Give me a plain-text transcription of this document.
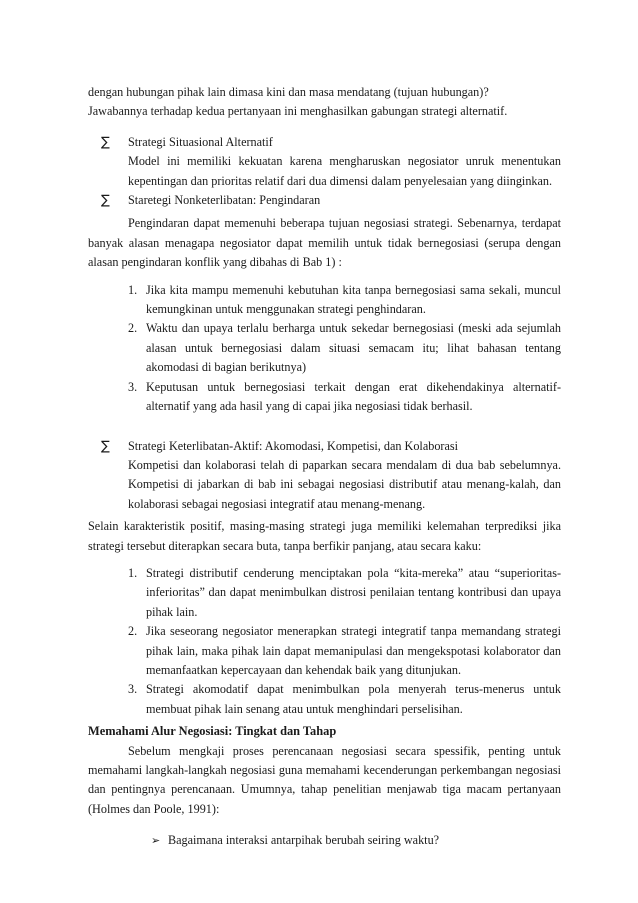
dengan hubungan pihak lain dimasa kini dan masa mendatang (tujuan hubungan)?
Jawabannya terhadap kedua pertanyaan ini menghasilkan gabungan strategi alternatif.

∑	Strategi Situasional Alternatif

Model ini memiliki kekuatan karena mengharuskan negosiator unruk menentukan kepentingan dan prioritas relatif dari dua dimensi dalam penyelesaian yang diinginkan.

∑	Staretegi Nonketerlibatan: Pengindaran

Pengindaran dapat memenuhi beberapa tujuan negosiasi strategi. Sebenarnya, terdapat banyak alasan menagapa negosiator dapat memilih untuk tidak bernegosiasi (serupa dengan alasan pengindaran konflik yang dibahas di Bab 1) :

1. Jika kita mampu memenuhi kebutuhan kita tanpa bernegosiasi sama sekali, muncul kemungkinan untuk menggunakan strategi penghindaran.
2. Waktu dan upaya terlalu berharga untuk sekedar bernegosiasi (meski ada sejumlah alasan untuk bernegosiasi dalam situasi semacam itu; lihat bahasan tentang akomodasi di bagian berikutnya)
3. Keputusan untuk bernegosiasi terkait dengan erat dikehendakinya alternatif-alternatif yang ada hasil yang di capai jika negosiasi tidak berhasil.
∑	Strategi Keterlibatan-Aktif: Akomodasi, Kompetisi, dan Kolaborasi

Kompetisi dan kolaborasi telah di paparkan secara mendalam di dua bab sebelumnya. Kompetisi di jabarkan di bab ini sebagai negosiasi distributif atau menang-kalah, dan kolaborasi sebagai negosiasi integratif atau menang-menang.

Selain karakteristik positif, masing-masing strategi juga memiliki kelemahan terprediksi jika strategi tersebut diterapkan secara buta, tanpa berfikir panjang, atau secara kaku:

1. Strategi distributif cenderung menciptakan pola “kita-mereka” atau “superioritas-inferioritas” dan dapat menimbulkan distrosi penilaian tentang kontribusi dan upaya pihak lain.
2. Jika seseorang negosiator menerapkan strategi integratif tanpa memandang strategi pihak lain, maka pihak lain dapat memanipulasi dan mengekspotasi kolaborator dan memanfaatkan kepercayaan dan kehendak baik yang ditunjukan.
3. Strategi akomodatif dapat menimbulkan pola menyerah terus-menerus untuk membuat pihak lain senang atau untuk menghindari perselisihan.
Memahami Alur Negosiasi: Tingkat dan Tahap

Sebelum mengkaji proses perencanaan negosiasi secara spessifik, penting untuk memahami langkah-langkah negosiasi guna memahami kecenderungan perkembangan negosiasi dan pentingnya perencanaan. Umumnya, tahap penelitian menjawab tiga macam pertanyaan (Holmes dan Poole, 1991):

➢ Bagaimana interaksi antarpihak berubah seiring waktu?
